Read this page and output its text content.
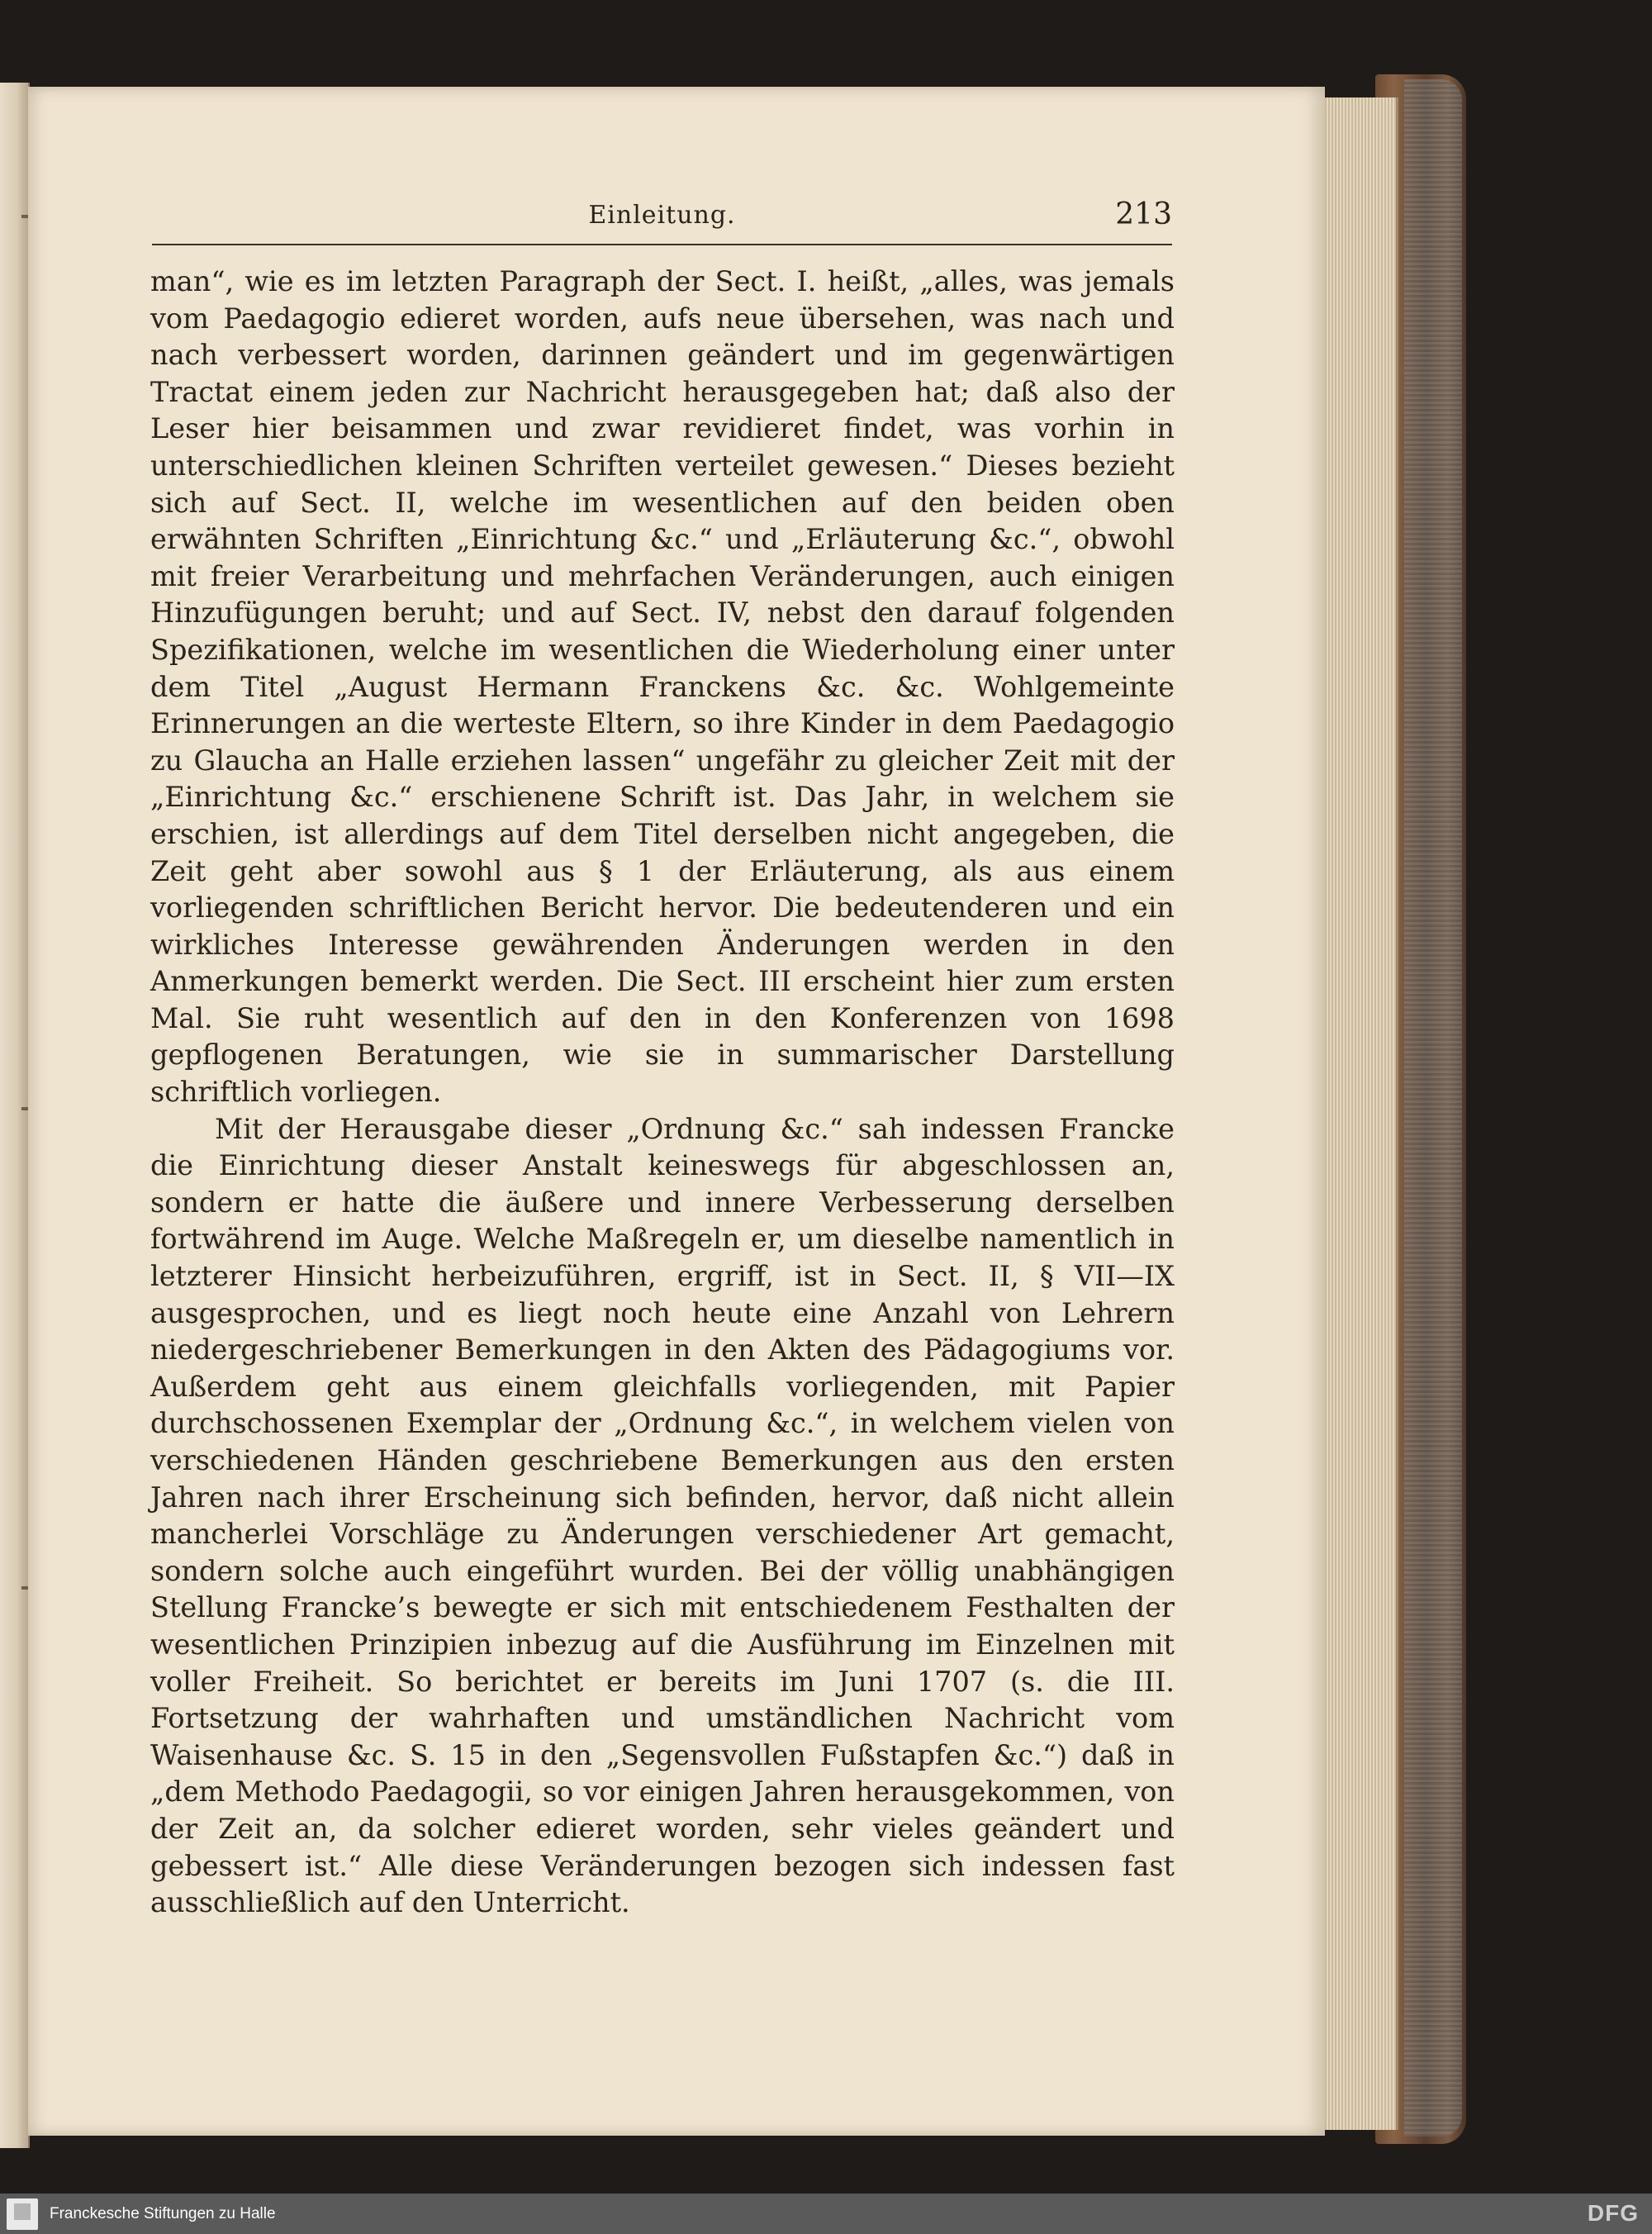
Einleitung.	213

man“, wie es im letzten Paragraph der Sect. I. heißt, „alles, was jemals vom Paedagogio edieret worden, aufs neue übersehen, was nach und nach verbessert worden, darinnen geändert und im gegenwärtigen Tractat einem jeden zur Nachricht herausgegeben hat; daß also der Leser hier beisammen und zwar revidieret findet, was vorhin in unterschiedlichen kleinen Schriften verteilet gewesen.“ Dieses bezieht sich auf Sect. II, welche im wesentlichen auf den beiden oben erwähnten Schriften „Einrichtung &c.“ und „Erläuterung &c.“, obwohl mit freier Verarbeitung und mehrfachen Veränderungen, auch einigen Hinzufügungen beruht; und auf Sect. IV, nebst den darauf folgenden Spezifikationen, welche im wesentlichen die Wiederholung einer unter dem Titel „August Hermann Franckens &c. &c. Wohlgemeinte Erinnerungen an die werteste Eltern, so ihre Kinder in dem Paedagogio zu Glaucha an Halle erziehen lassen“ ungefähr zu gleicher Zeit mit der „Einrichtung &c.“ erschienene Schrift ist. Das Jahr, in welchem sie erschien, ist allerdings auf dem Titel derselben nicht angegeben, die Zeit geht aber sowohl aus § 1 der Erläuterung, als aus einem vorliegenden schriftlichen Bericht hervor. Die bedeutenderen und ein wirkliches Interesse gewährenden Änderungen werden in den Anmerkungen bemerkt werden. Die Sect. III erscheint hier zum ersten Mal. Sie ruht wesentlich auf den in den Konferenzen von 1698 gepflogenen Beratungen, wie sie in summarischer Darstellung schriftlich vorliegen.

Mit der Herausgabe dieser „Ordnung &c.“ sah indessen Francke die Einrichtung dieser Anstalt keineswegs für abgeschlossen an, sondern er hatte die äußere und innere Verbesserung derselben fortwährend im Auge. Welche Maßregeln er, um dieselbe namentlich in letzterer Hinsicht herbeizuführen, ergriff, ist in Sect. II, § VII—IX ausgesprochen, und es liegt noch heute eine Anzahl von Lehrern niedergeschriebener Bemerkungen in den Akten des Pädagogiums vor. Außerdem geht aus einem gleichfalls vorliegenden, mit Papier durchschossenen Exemplar der „Ordnung &c.“, in welchem vielen von verschiedenen Händen geschriebene Bemerkungen aus den ersten Jahren nach ihrer Erscheinung sich befinden, hervor, daß nicht allein mancherlei Vorschläge zu Änderungen verschiedener Art gemacht, sondern solche auch eingeführt wurden. Bei der völlig unabhängigen Stellung Francke’s bewegte er sich mit entschiedenem Festhalten der wesentlichen Prinzipien inbezug auf die Ausführung im Einzelnen mit voller Freiheit. So berichtet er bereits im Juni 1707 (s. die III. Fortsetzung der wahrhaften und umständlichen Nachricht vom Waisenhause &c. S. 15 in den „Segensvollen Fußstapfen &c.“) daß in „dem Methodo Paedagogii, so vor einigen Jahren herausgekommen, von der Zeit an, da solcher edieret worden, sehr vieles geändert und gebessert ist.“ Alle diese Veränderungen bezogen sich indessen fast ausschließlich auf den Unterricht.

Franckesche Stiftungen zu Halle	DFG
